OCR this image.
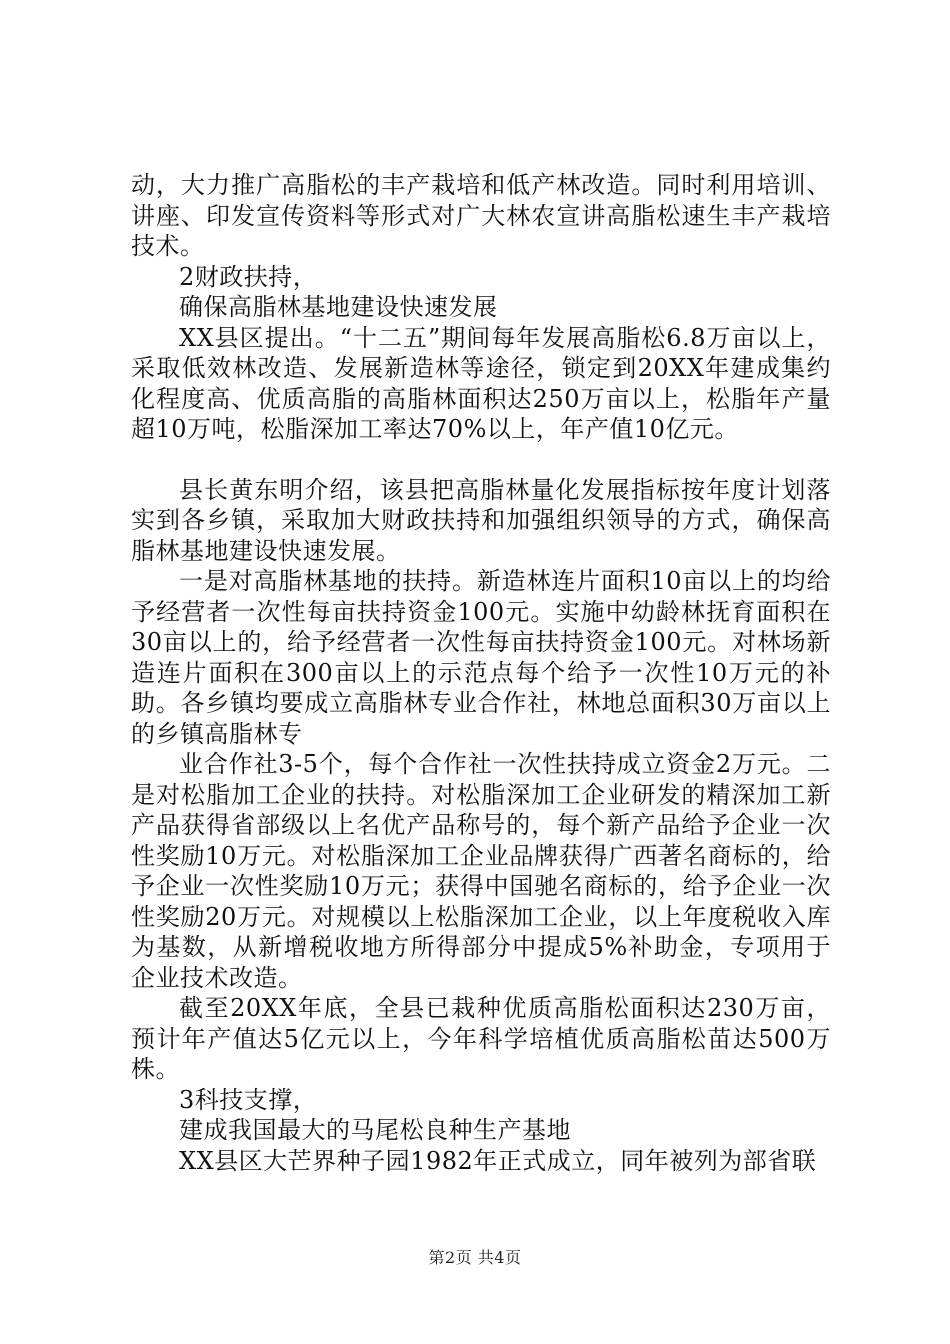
动，大力推广高脂松的丰产栽培和低产林改造。同时利用培训、讲座、印发宣传资料等形式对广大林农宣讲高脂松速生丰产栽培技术。

2财政扶持，

确保高脂林基地建设快速发展

XX县区提出。“十二五”期间每年发展高脂松6.8万亩以上，采取低效林改造、发展新造林等途径，锁定到20XX年建成集约化程度高、优质高脂的高脂林面积达250万亩以上，松脂年产量超10万吨，松脂深加工率达70%以上，年产值10亿元。

县长黄东明介绍，该县把高脂林量化发展指标按年度计划落实到各乡镇，采取加大财政扶持和加强组织领导的方式，确保高脂林基地建设快速发展。

一是对高脂林基地的扶持。新造林连片面积10亩以上的均给予经营者一次性每亩扶持资金100元。实施中幼龄林抚育面积在30亩以上的，给予经营者一次性每亩扶持资金100元。对林场新造连片面积在300亩以上的示范点每个给予一次性10万元的补助。各乡镇均要成立高脂林专业合作社，林地总面积30万亩以上的乡镇高脂林专

业合作社3-5个，每个合作社一次性扶持成立资金2万元。二是对松脂加工企业的扶持。对松脂深加工企业研发的精深加工新产品获得省部级以上名优产品称号的，每个新产品给予企业一次性奖励10万元。对松脂深加工企业品牌获得广西著名商标的，给予企业一次性奖励10万元；获得中国驰名商标的，给予企业一次性奖励20万元。对规模以上松脂深加工企业，以上年度税收入库为基数，从新增税收地方所得部分中提成5%补助金，专项用于企业技术改造。

截至20XX年底，全县已栽种优质高脂松面积达230万亩，预计年产值达5亿元以上，今年科学培植优质高脂松苗达500万株。

3科技支撑，

建成我国最大的马尾松良种生产基地

XX县区大芒界种子园1982年正式成立，同年被列为部省联

第2页 共4页
